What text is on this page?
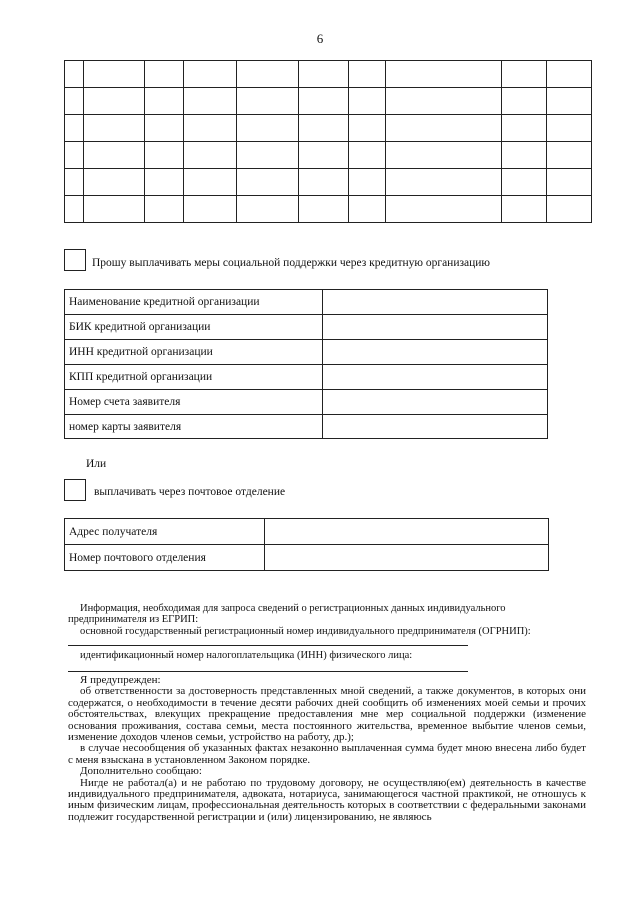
6

Прошу выплачивать меры социальной поддержки через кредитную организацию
Наименование кредитной организации	
БИК кредитной организации	
ИНН кредитной организации	
КПП кредитной организации	
Номер счета заявителя	
номер карты заявителя	
Или
выплачивать через почтовое отделение
Адрес получателя	
Номер почтового отделения	

Информация, необходимая для запроса сведений о регистрационных данных индивидуального

предпринимателя из ЕГРИП:

основной государственный регистрационный номер индивидуального предпринимателя (ОГРНИП):

идентификационный номер налогоплательщика (ИНН) физического лица:

Я предупрежден:

об ответственности за достоверность представленных мной сведений, а также документов, в которых они содержатся, о необходимости в течение десяти рабочих дней сообщить об изменениях моей семьи и прочих обстоятельствах, влекущих прекращение предоставления мне мер социальной поддержки (изменение основания проживания, состава семьи, места постоянного жительства, временное выбытие членов семьи, изменение доходов членов семьи, устройство на работу, др.);

в случае несообщения об указанных фактах незаконно выплаченная сумма будет мною внесена либо будет с меня взыскана в установленном Законом порядке.

Дополнительно сообщаю:

Нигде не работал(а) и не работаю по трудовому договору, не осуществляю(ем) деятельность в качестве индивидуального предпринимателя, адвоката, нотариуса, занимающегося частной практикой, не отношусь к иным физическим лицам, профессиональная деятельность которых в соответствии с федеральными законами подлежит государственной регистрации и (или) лицензированию, не являюсь
